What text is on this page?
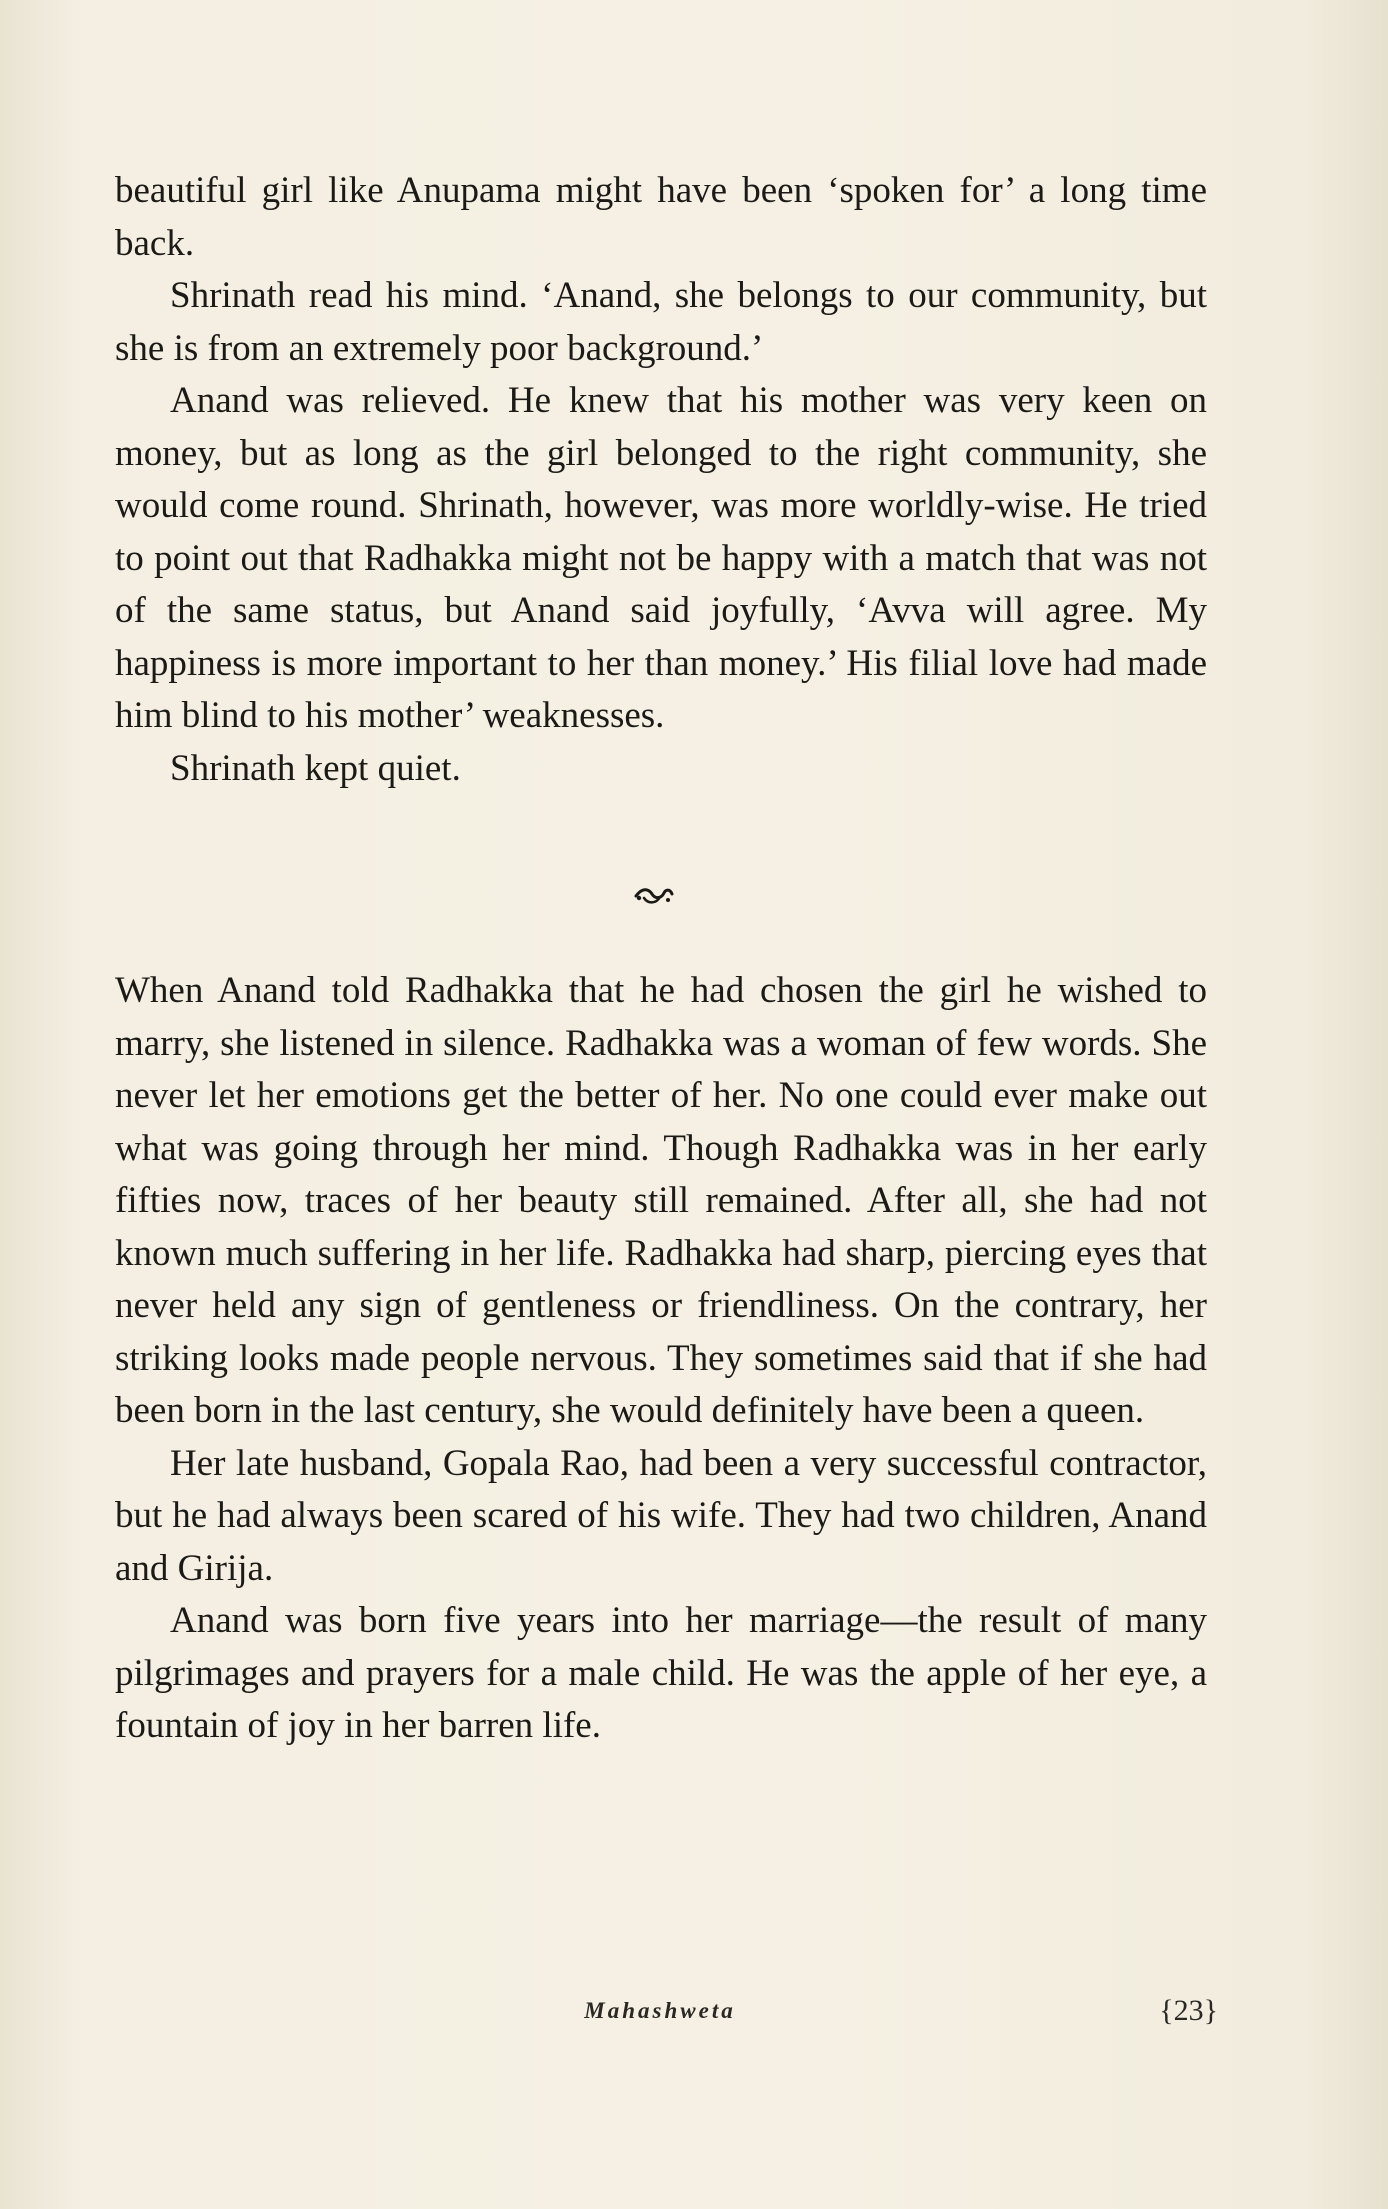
beautiful girl like Anupama might have been ‘spoken for’ a long time back.

Shrinath read his mind. ‘Anand, she belongs to our community, but she is from an extremely poor background.’

Anand was relieved. He knew that his mother was very keen on money, but as long as the girl belonged to the right community, she would come round. Shrinath, however, was more worldly-wise. He tried to point out that Radhakka might not be happy with a match that was not of the same status, but Anand said joyfully, ‘Avva will agree. My happiness is more important to her than money.’ His filial love had made him blind to his mother’ weaknesses.

Shrinath kept quiet.

When Anand told Radhakka that he had chosen the girl he wished to marry, she listened in silence. Radhakka was a woman of few words. She never let her emotions get the better of her. No one could ever make out what was going through her mind. Though Radhakka was in her early fifties now, traces of her beauty still remained. After all, she had not known much suffering in her life. Radhakka had sharp, piercing eyes that never held any sign of gentleness or friendliness. On the contrary, her striking looks made people nervous. They sometimes said that if she had been born in the last century, she would definitely have been a queen.

Her late husband, Gopala Rao, had been a very successful contractor, but he had always been scared of his wife. They had two children, Anand and Girija.

Anand was born five years into her marriage—the result of many pilgrimages and prayers for a male child. He was the apple of her eye, a fountain of joy in her barren life.

Mahashweta	{23}
